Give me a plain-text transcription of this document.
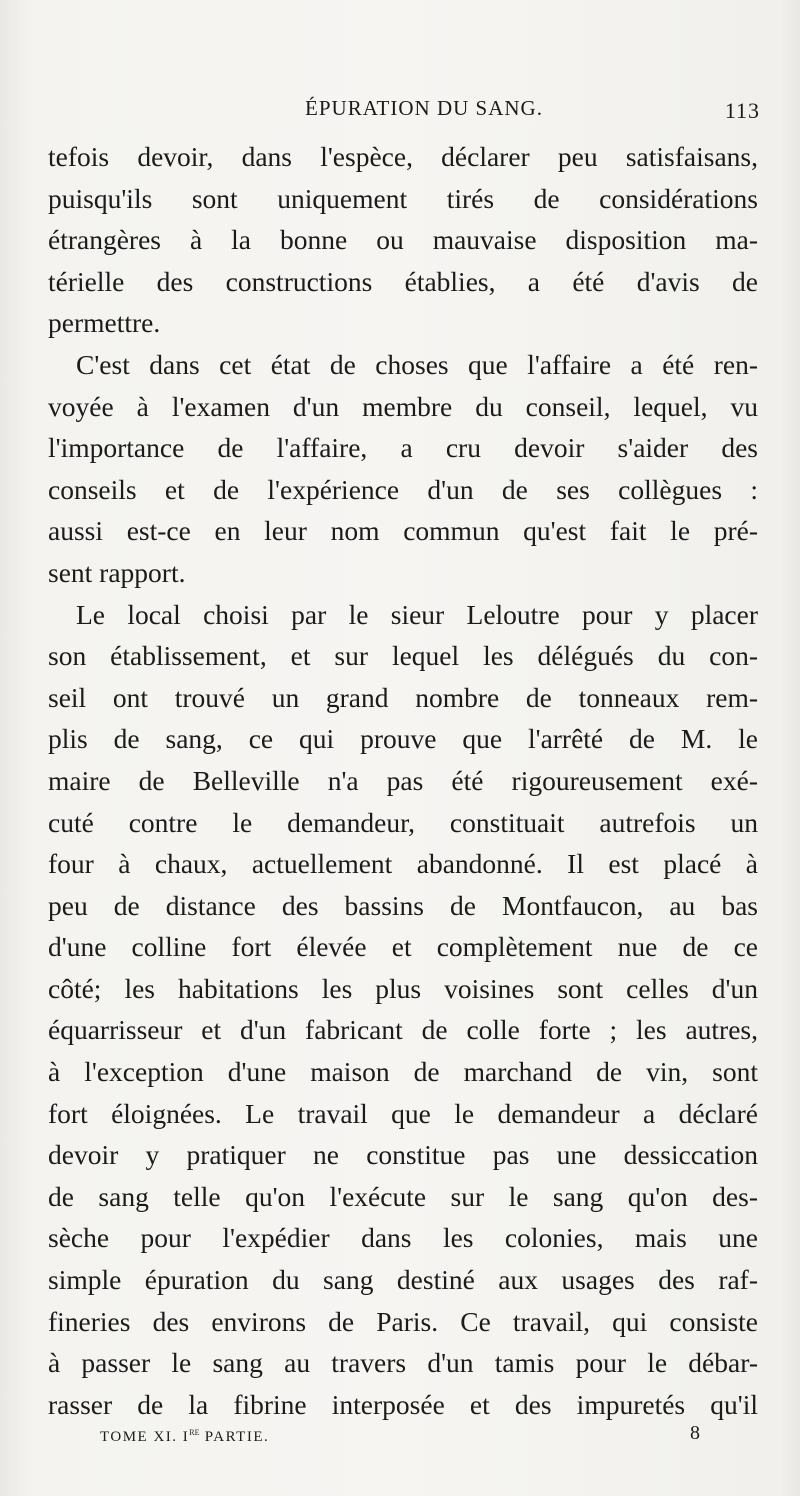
ÉPURATION DU SANG.	113
tefois devoir, dans l'espèce, déclarer peu satisfaisans,
puisqu'ils sont uniquement tirés de considérations
étrangères à la bonne ou mauvaise disposition ma-
térielle des constructions établies, a été d'avis de
permettre.
C'est dans cet état de choses que l'affaire a été ren-
voyée à l'examen d'un membre du conseil, lequel, vu
l'importance de l'affaire, a cru devoir s'aider des
conseils et de l'expérience d'un de ses collègues :
aussi est-ce en leur nom commun qu'est fait le pré-
sent rapport.
Le local choisi par le sieur Leloutre pour y placer
son établissement, et sur lequel les délégués du con-
seil ont trouvé un grand nombre de tonneaux rem-
plis de sang, ce qui prouve que l'arrêté de M. le
maire de Belleville n'a pas été rigoureusement exé-
cuté contre le demandeur, constituait autrefois un
four à chaux, actuellement abandonné. Il est placé à
peu de distance des bassins de Montfaucon, au bas
d'une colline fort élevée et complètement nue de ce
côté; les habitations les plus voisines sont celles d'un
équarrisseur et d'un fabricant de colle forte ; les autres,
à l'exception d'une maison de marchand de vin, sont
fort éloignées. Le travail que le demandeur a déclaré
devoir y pratiquer ne constitue pas une dessiccation
de sang telle qu'on l'exécute sur le sang qu'on des-
sèche pour l'expédier dans les colonies, mais une
simple épuration du sang destiné aux usages des raf-
fineries des environs de Paris. Ce travail, qui consiste
à passer le sang au travers d'un tamis pour le débar-
rasser de la fibrine interposée et des impuretés qu'il
TOME XI. Ire PARTIE.	8
